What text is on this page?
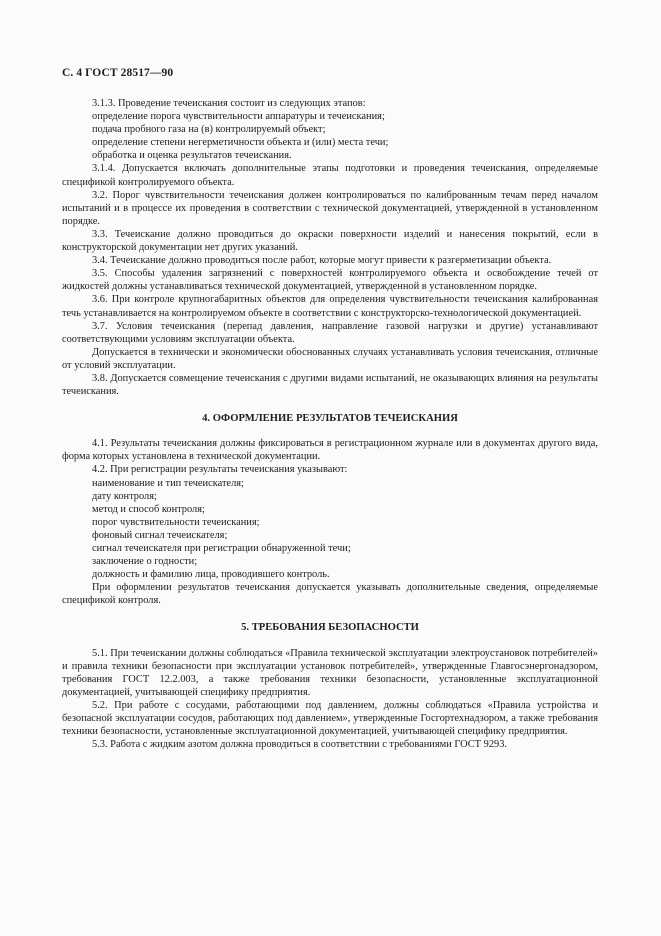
С. 4 ГОСТ 28517—90

3.1.3. Проведение течеискания состоит из следующих этапов:

определение порога чувствительности аппаратуры и течеискания;

подача пробного газа на (в) контролируемый объект;

определение степени негерметичности объекта и (или) места течи;

обработка и оценка результатов течеискания.

3.1.4. Допускается включать дополнительные этапы подготовки и проведения течеискания, определяемые спецификой контролируемого объекта.

3.2. Порог чувствительности течеискания должен контролироваться по калиброванным течам перед началом испытаний и в процессе их проведения в соответствии с технической документацией, утвержденной в установленном порядке.

3.3. Течеискание должно проводиться до окраски поверхности изделий и нанесения покрытий, если в конструкторской документации нет других указаний.

3.4. Течеискание должно проводиться после работ, которые могут привести к разгерметизации объекта.

3.5. Способы удаления загрязнений с поверхностей контролируемого объекта и освобождение течей от жидкостей должны устанавливаться технической документацией, утвержденной в установленном порядке.

3.6. При контроле крупногабаритных объектов для определения чувствительности течеискания калиброванная течь устанавливается на контролируемом объекте в соответствии с конструкторско-технологической документацией.

3.7. Условия течеискания (перепад давления, направление газовой нагрузки и другие) устанавливают соответствующими условиям эксплуатации объекта.

Допускается в технически и экономически обоснованных случаях устанавливать условия течеискания, отличные от условий эксплуатации.

3.8. Допускается совмещение течеискания с другими видами испытаний, не оказывающих влияния на результаты течеискания.

4. ОФОРМЛЕНИЕ РЕЗУЛЬТАТОВ ТЕЧЕИСКАНИЯ

4.1. Результаты течеискания должны фиксироваться в регистрационном журнале или в документах другого вида, форма которых установлена в технической документации.

4.2. При регистрации результаты течеискания указывают:

наименование и тип течеискателя;

дату контроля;

метод и способ контроля;

порог чувствительности течеискания;

фоновый сигнал течеискателя;

сигнал течеискателя при регистрации обнаруженной течи;

заключение о годности;

должность и фамилию лица, проводившего контроль.

При оформлении результатов течеискания допускается указывать дополнительные сведения, определяемые спецификой контроля.

5. ТРЕБОВАНИЯ БЕЗОПАСНОСТИ

5.1. При течеискании должны соблюдаться «Правила технической эксплуатации электроустановок потребителей» и правила техники безопасности при эксплуатации установок потребителей», утвержденные Главгосэнергонадзором, требования ГОСТ 12.2.003, а также требования техники безопасности, установленные эксплуатационной документацией, учитывающей специфику предприятия.

5.2. При работе с сосудами, работающими под давлением, должны соблюдаться «Правила устройства и безопасной эксплуатации сосудов, работающих под давлением», утвержденные Госгортехнадзором, а также требования техники безопасности, установленные эксплуатационной документацией, учитывающей специфику предприятия.

5.3. Работа с жидким азотом должна проводиться в соответствии с требованиями ГОСТ 9293.
